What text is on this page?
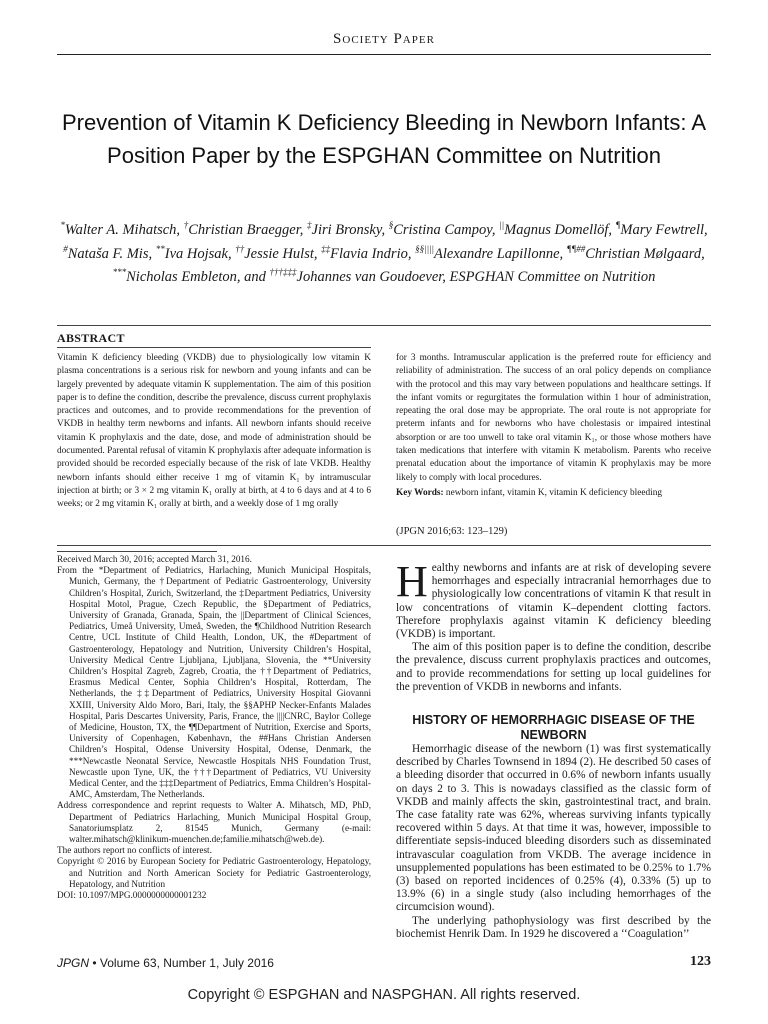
Society Paper
Prevention of Vitamin K Deficiency Bleeding in Newborn Infants: A Position Paper by the ESPGHAN Committee on Nutrition
*Walter A. Mihatsch, †Christian Braegger, ‡Jiri Bronsky, §Cristina Campoy, ||Magnus Domellöf, ¶Mary Fewtrell, #Nataša F. Mis, **Iva Hojsak, ††Jessie Hulst, ‡‡Flavia Indrio, §§||||Alexandre Lapillonne, ¶¶##Christian Mølgaard, ***Nicholas Embleton, and †††‡‡‡Johannes van Goudoever, ESPGHAN Committee on Nutrition
ABSTRACT
Vitamin K deficiency bleeding (VKDB) due to physiologically low vitamin K plasma concentrations is a serious risk for newborn and young infants and can be largely prevented by adequate vitamin K supplementation. The aim of this position paper is to define the condition, describe the prevalence, discuss current prophylaxis practices and outcomes, and to provide recommendations for the prevention of VKDB in healthy term newborns and infants. All newborn infants should receive vitamin K prophylaxis and the date, dose, and mode of administration should be documented. Parental refusal of vitamin K prophylaxis after adequate information is provided should be recorded especially because of the risk of late VKDB. Healthy newborn infants should either receive 1 mg of vitamin K₁ by intramuscular injection at birth; or 3 × 2 mg vitamin K₁ orally at birth, at 4 to 6 days and at 4 to 6 weeks; or 2 mg vitamin K₁ orally at birth, and a weekly dose of 1 mg orally
for 3 months. Intramuscular application is the preferred route for efficiency and reliability of administration. The success of an oral policy depends on compliance with the protocol and this may vary between populations and healthcare settings. If the infant vomits or regurgitates the formulation within 1 hour of administration, repeating the oral dose may be appropriate. The oral route is not appropriate for preterm infants and for newborns who have cholestasis or impaired intestinal absorption or are too unwell to take oral vitamin K₁, or those whose mothers have taken medications that interfere with vitamin K metabolism. Parents who receive prenatal education about the importance of vitamin K prophylaxis may be more likely to comply with local procedures.
Key Words: newborn infant, vitamin K, vitamin K deficiency bleeding
(JPGN 2016;63: 123–129)

Received March 30, 2016; accepted March 31, 2016.

From the *Department of Pediatrics, Harlaching, Munich Municipal Hospitals, Munich, Germany, the †Department of Pediatric Gastroenterology, University Children’s Hospital, Zurich, Switzerland, the ‡Department Pediatrics, University Hospital Motol, Prague, Czech Republic, the §Department of Pediatrics, University of Granada, Granada, Spain, the ||Department of Clinical Sciences, Pediatrics, Umeå University, Umeå, Sweden, the ¶Childhood Nutrition Research Centre, UCL Institute of Child Health, London, UK, the #Department of Gastroenterology, Hepatology and Nutrition, University Children’s Hospital, University Medical Centre Ljubljana, Ljubljana, Slovenia, the **University Children’s Hospital Zagreb, Zagreb, Croatia, the ††Department of Pediatrics, Erasmus Medical Center, Sophia Children’s Hospital, Rotterdam, The Netherlands, the ‡‡Department of Pediatrics, University Hospital Giovanni XXIII, University Aldo Moro, Bari, Italy, the §§APHP Necker-Enfants Malades Hospital, Paris Descartes University, Paris, France, the ||||CNRC, Baylor College of Medicine, Houston, TX, the ¶¶Department of Nutrition, Exercise and Sports, University of Copenhagen, København, the ##Hans Christian Andersen Children’s Hospital, Odense University Hospital, Odense, Denmark, the ***Newcastle Neonatal Service, Newcastle Hospitals NHS Foundation Trust, Newcastle upon Tyne, UK, the †††Department of Pediatrics, VU University Medical Center, and the ‡‡‡Department of Pediatrics, Emma Children’s Hospital-AMC, Amsterdam, The Netherlands.

Address correspondence and reprint requests to Walter A. Mihatsch, MD, PhD, Department of Pediatrics Harlaching, Munich Municipal Hospital Group, Sanatoriumsplatz 2, 81545 Munich, Germany (e-mail: walter.mihatsch@klinikum-muenchen.de;familie.mihatsch@web.de).

The authors report no conflicts of interest.

Copyright © 2016 by European Society for Pediatric Gastroenterology, Hepatology, and Nutrition and North American Society for Pediatric Gastroenterology, Hepatology, and Nutrition

DOI: 10.1097/MPG.0000000000001232

Healthy newborns and infants are at risk of developing severe hemorrhages and especially intracranial hemorrhages due to physiologically low concentrations of vitamin K that result in low concentrations of vitamin K–dependent clotting factors. Therefore prophylaxis against vitamin K deficiency bleeding (VKDB) is important.

The aim of this position paper is to define the condition, describe the prevalence, discuss current prophylaxis practices and outcomes, and to provide recommendations for setting up local guidelines for the prevention of VKDB in newborns and infants.

HISTORY OF HEMORRHAGIC DISEASE OF THE NEWBORN

Hemorrhagic disease of the newborn (1) was first systematically described by Charles Townsend in 1894 (2). He described 50 cases of a bleeding disorder that occurred in 0.6% of newborn infants usually on days 2 to 3. This is nowadays classified as the classic form of VKDB and mainly affects the skin, gastrointestinal tract, and brain. The case fatality rate was 62%, whereas surviving infants typically recovered within 5 days. At that time it was, however, impossible to differentiate sepsis-induced bleeding disorders such as disseminated intravascular coagulation from VKDB. The average incidence in unsupplemented populations has been estimated to be 0.25% to 1.7% (3) based on reported incidences of 0.25% (4), 0.33% (5) up to 13.9% (6) in a single study (also including hemorrhages of the circumcision wound).

The underlying pathophysiology was first described by the biochemist Henrik Dam. In 1929 he discovered a ‘‘Coagulation’’

JPGN • Volume 63, Number 1, July 2016	123
Copyright © ESPGHAN and NASPGHAN. All rights reserved.
